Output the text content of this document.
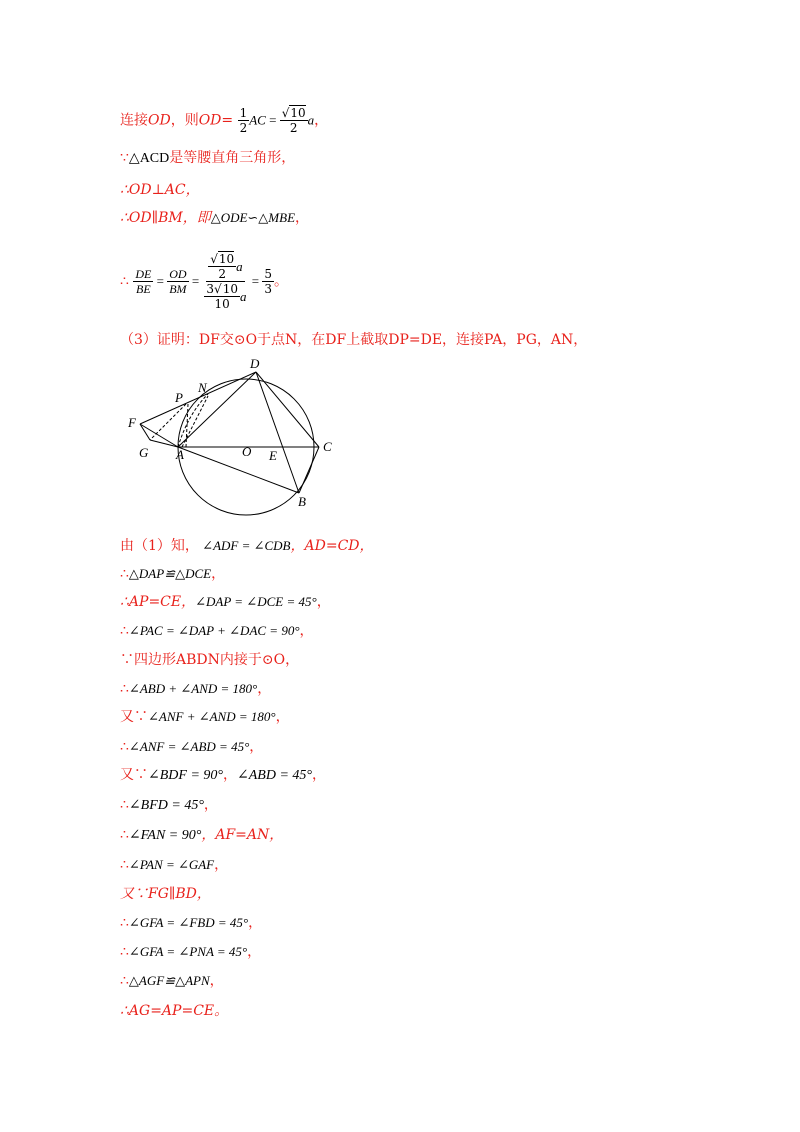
连接OD，则$OD= \frac{1}{2}$ AC = $\frac{√10}{2}$ a，
∵△ACD是等腰直角三角形，
∴OD⊥AC，
∴OD∥BM，即△ODE∽△MBE，
∴ $\frac{DE}{BE} = \frac{OD}{BM} = \frac{\frac{√10}{2} a}{\frac{3√10}{10} a} = \frac{5}{3}$ 。
（3）证明：DF交⊙O于点N，在DF上截取DP=DE，连接PA，PG，AN，
F
G A	O E
C
B
D
N
P
由（1）知， ∠ADF = ∠CDB，AD=CD，
∴△DAP≌△DCE，
∴AP=CE，∠DAP = ∠DCE = 45°，
∴∠PAC = ∠DAP + ∠DAC = 90°，
∵四边形ABDN内接于⊙O，
∴∠ABD + ∠AND = 180°，
又∵∠ANF + ∠AND = 180°，
∴∠ANF = ∠ABD = 45°，
又∵∠BDF = 90°，∠ABD = 45°，
∴∠BFD = 45°，
∴∠FAN = 90°，AF=AN，
∴∠PAN = ∠GAF，
又∵FG∥BD，
∴∠GFA = ∠FBD = 45°，
∴∠GFA = ∠PNA = 45°，
∴△AGF≌△APN，
∴AG=AP=CE。
